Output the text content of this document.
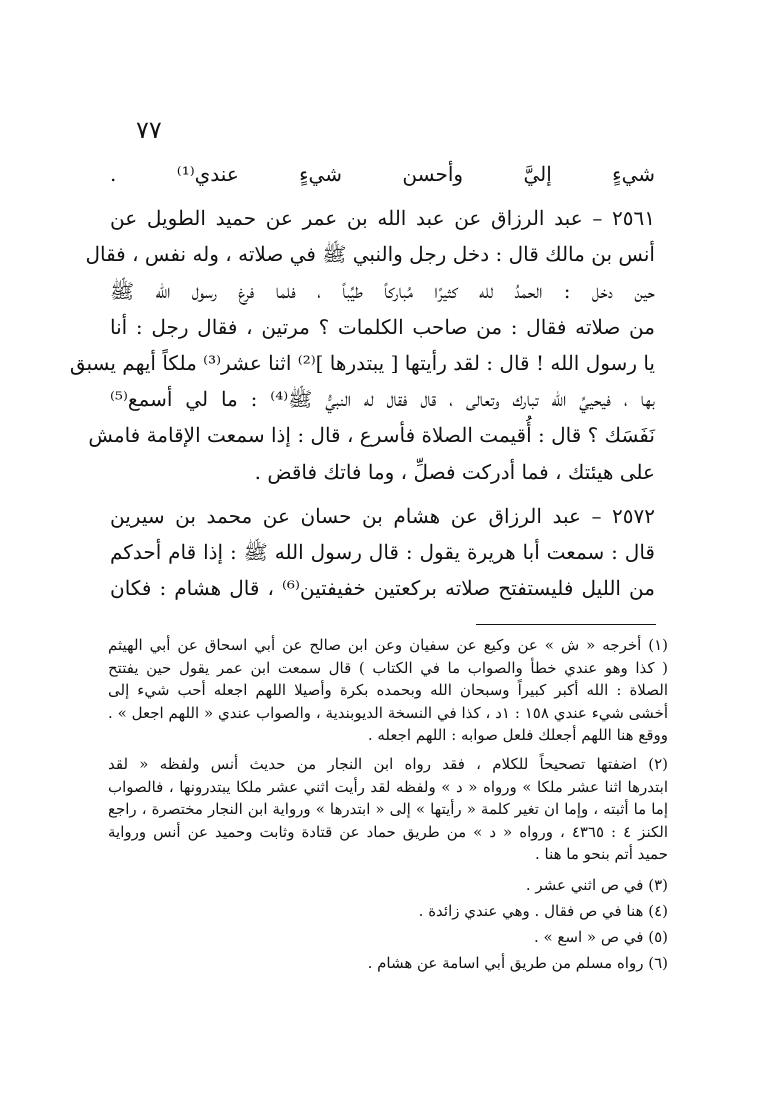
٧٧
شيءٍ إليَّ وأحسن شيءٍ عندي⁽¹⁾ .
٢٥٦١ – عبد الرزاق عن عبد الله بن عمر عن حميد الطويل عن
أنس بن مالك قال : دخل رجل والنبي ﷺ في صلاته ، وله نفس ، فقال
حين دخل : الحمدُ لله كثيرًا مُباركاً طيِّباً ، فلما فرغ رسول الله ﷺ
من صلاته فقال : من صاحب الكلمات ؟ مرتين ، فقال رجل : أنا
يا رسول الله ! قال : لقد رأيتها [ يبتدرها ]⁽²⁾ اثنا عشر⁽³⁾ ملكاً أيهم يسبق
بها ، فيحييِّ الله تبارك وتعالى ، قال فقال له النبيُّ ﷺ⁽⁴⁾ : ما لي أسمع⁽⁵⁾
نَفَسَك ؟ قال : أُقيمت الصلاة فأسرع ، قال : إذا سمعت الإقامة فامش
على هيئتك ، فما أدركت فصلِّ ، وما فاتك فاقض .
٢٥٧٢ – عبد الرزاق عن هشام بن حسان عن محمد بن سيرين
قال : سمعت أبا هريرة يقول : قال رسول الله ﷺ : إذا قام أحدكم
من الليل فليستفتح صلاته بركعتين خفيفتين⁽⁶⁾ ، قال هشام : فكان
(١) أخرجه « ش » عن وكيع عن سفيان وعن ابن صالح عن أبي اسحاق عن أبي الهيثم
( كذا وهو عندي خطأ والصواب ما في الكتاب ) قال سمعت ابن عمر يقول حين يفتتح
الصلاة : الله أكبر كبيراً وسبحان الله وبحمده بكرة وأصيلا اللهم اجعله أحب شيء إلى
أخشى شيء عندي ١٥٨ : ١د ، كذا في النسخة الديوبندية ، والصواب عندي « اللهم اجعل » .
ووقع هنا اللهم أجعلك فلعل صوابه : اللهم اجعله .
(٢) اضفتها تصحيحاً للكلام ، فقد رواه ابن النجار من حديث أنس ولفظه « لقد
ابتدرها اثنا عشر ملكا » ورواه « د » ولفظه لقد رأيت اثني عشر ملكا يبتدرونها ، فالصواب
إما ما أثبته ، وإما ان تغير كلمة « رأيتها » إلى « ابتدرها » ورواية ابن النجار مختصرة ، راجع
الكنز ٤ : ٤٣٦٥ ، ورواه « د » من طريق حماد عن قتادة وثابت وحميد عن أنس ورواية
حميد أتم بنحو ما هنا .
(٣) في ص اثني عشر .
(٤) هنا في ص فقال . وهي عندي زائدة .
(٥) في ص « اسع » .
(٦) رواه مسلم من طريق أبي اسامة عن هشام .
